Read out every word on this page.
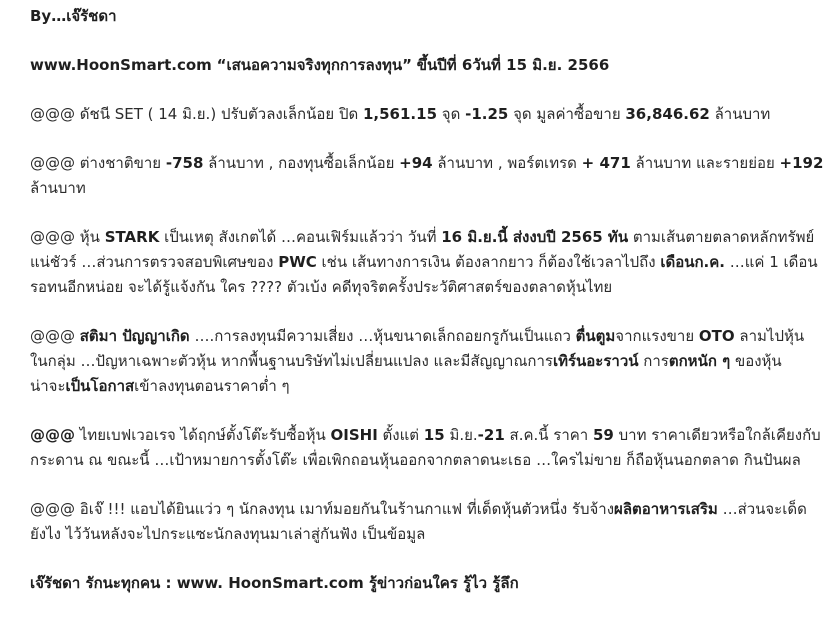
By…เจ๊รัชดา
www.HoonSmart.com “เสนอความจริงทุกการลงทุน” ขึ้นปีที่ 6วันที่ 15 มิ.ย. 2566
@@@ ดัชนี SET ( 14 มิ.ย.) ปรับตัวลงเล็กน้อย ปิด 1,561.15 จุด -1.25 จุด มูลค่าซื้อขาย 36,846.62 ล้านบาท
@@@ ต่างชาติขาย -758 ล้านบาท , กองทุนซื้อเล็กน้อย +94 ล้านบาท , พอร์ตเทรด + 471 ล้านบาท และรายย่อย +192
ล้านบาท
@@@ หุ้น STARK เป็นเหตุ สังเกตได้ …คอนเฟิร์มแล้วว่า วันที่ 16 มิ.ย.นี้ ส่งงบปี 2565 ทัน ตามเส้นตายตลาดหลักทรัพย์
แน่ชัวร์ …ส่วนการตรวจสอบพิเศษของ PWC เช่น เส้นทางการเงิน ต้องลากยาว ก็ต้องใช้เวลาไปถึง เดือนก.ค. …แค่ 1 เดือน
รอทนอีกหน่อย จะได้รู้แจ้งกัน ใคร ???? ตัวเบ้ง คดีทุจริตครั้งประวัติศาสตร์ของตลาดหุ้นไทย
@@@ สติมา ปัญญาเกิด ….การลงทุนมีความเสี่ยง …หุ้นขนาดเล็กถอยกรูกันเป็นแถว ตื่นตูมจากแรงขาย OTO ลามไปหุ้น
ในกลุ่ม …ปัญหาเฉพาะตัวหุ้น หากพื้นฐานบริษัทไม่เปลี่ยนแปลง และมีสัญญาณการเทิร์นอะราวน์ การตกหนัก ๆ ของหุ้น
น่าจะเป็นโอกาสเข้าลงทุนตอนราคาต่ำ ๆ
@@@ ไทยเบฟเวอเรจ ได้ฤกษ์ตั้งโต๊ะรับซื้อหุ้น OISHI ตั้งแต่ 15 มิ.ย.-21 ส.ค.นี้ ราคา 59 บาท ราคาเดียวหรือใกล้เคียงกับ
กระดาน ณ ขณะนี้ …เป้าหมายการตั้งโต๊ะ เพื่อเพิกถอนหุ้นออกจากตลาดนะเธอ …ใครไม่ขาย ก็ถือหุ้นนอกตลาด กินปันผล
@@@ อิเจ๊ !!! แอบได้ยินแว่ว ๆ นักลงทุน เมาท์มอยกันในร้านกาแฟ ที่เด็ดหุ้นตัวหนึ่ง รับจ้างผลิตอาหารเสริม …ส่วนจะเด็ด
ยังไง ไว้วันหลังจะไปกระแซะนักลงทุนมาเล่าสู่กันฟัง เป็นข้อมูล
เจ๊รัชดา รักนะทุกคน : www. HoonSmart.com รู้ข่าวก่อนใคร รู้ไว รู้ลึก
